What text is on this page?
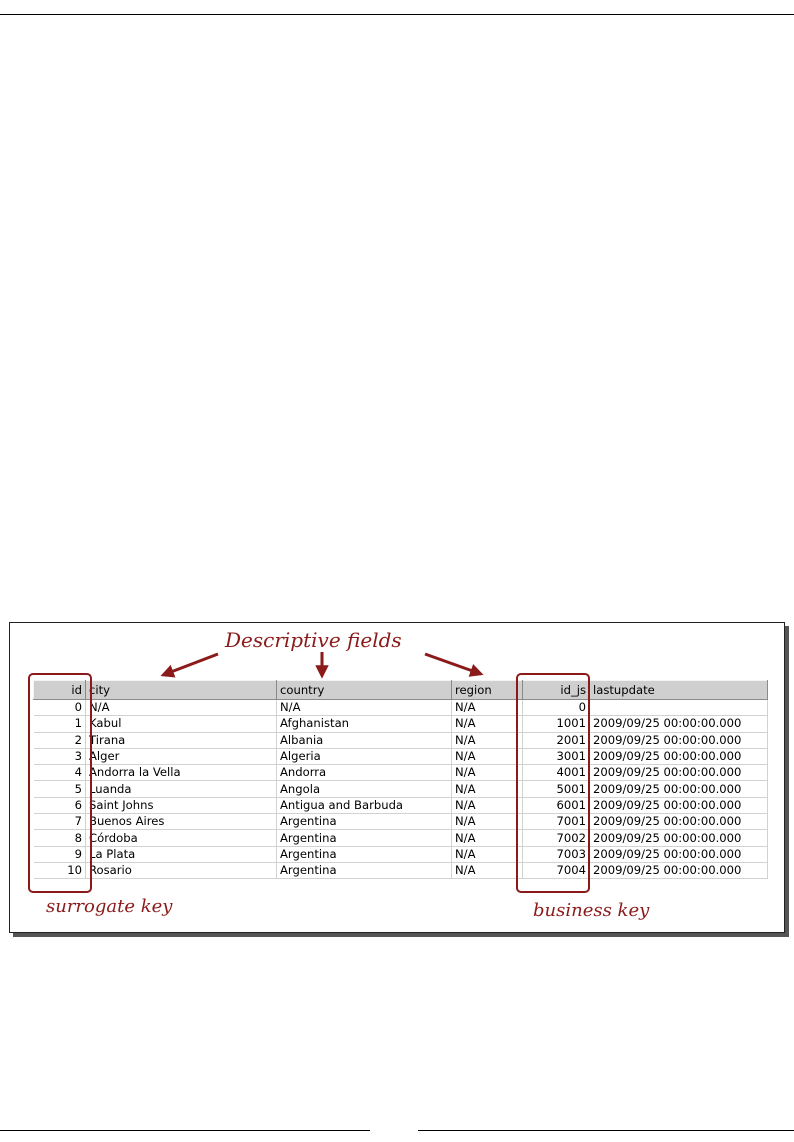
id	city	country	region	id_js	lastupdate
0	N/A	N/A	N/A	0	
1	Kabul	Afghanistan	N/A	1001	2009/09/25 00:00:00.000
2	Tirana	Albania	N/A	2001	2009/09/25 00:00:00.000
3	Alger	Algeria	N/A	3001	2009/09/25 00:00:00.000
4	Andorra la Vella	Andorra	N/A	4001	2009/09/25 00:00:00.000
5	Luanda	Angola	N/A	5001	2009/09/25 00:00:00.000
6	Saint Johns	Antigua and Barbuda	N/A	6001	2009/09/25 00:00:00.000
7	Buenos Aires	Argentina	N/A	7001	2009/09/25 00:00:00.000
8	Córdoba	Argentina	N/A	7002	2009/09/25 00:00:00.000
9	La Plata	Argentina	N/A	7003	2009/09/25 00:00:00.000
10	Rosario	Argentina	N/A	7004	2009/09/25 00:00:00.000
Descriptive fields
surrogate key	business key
